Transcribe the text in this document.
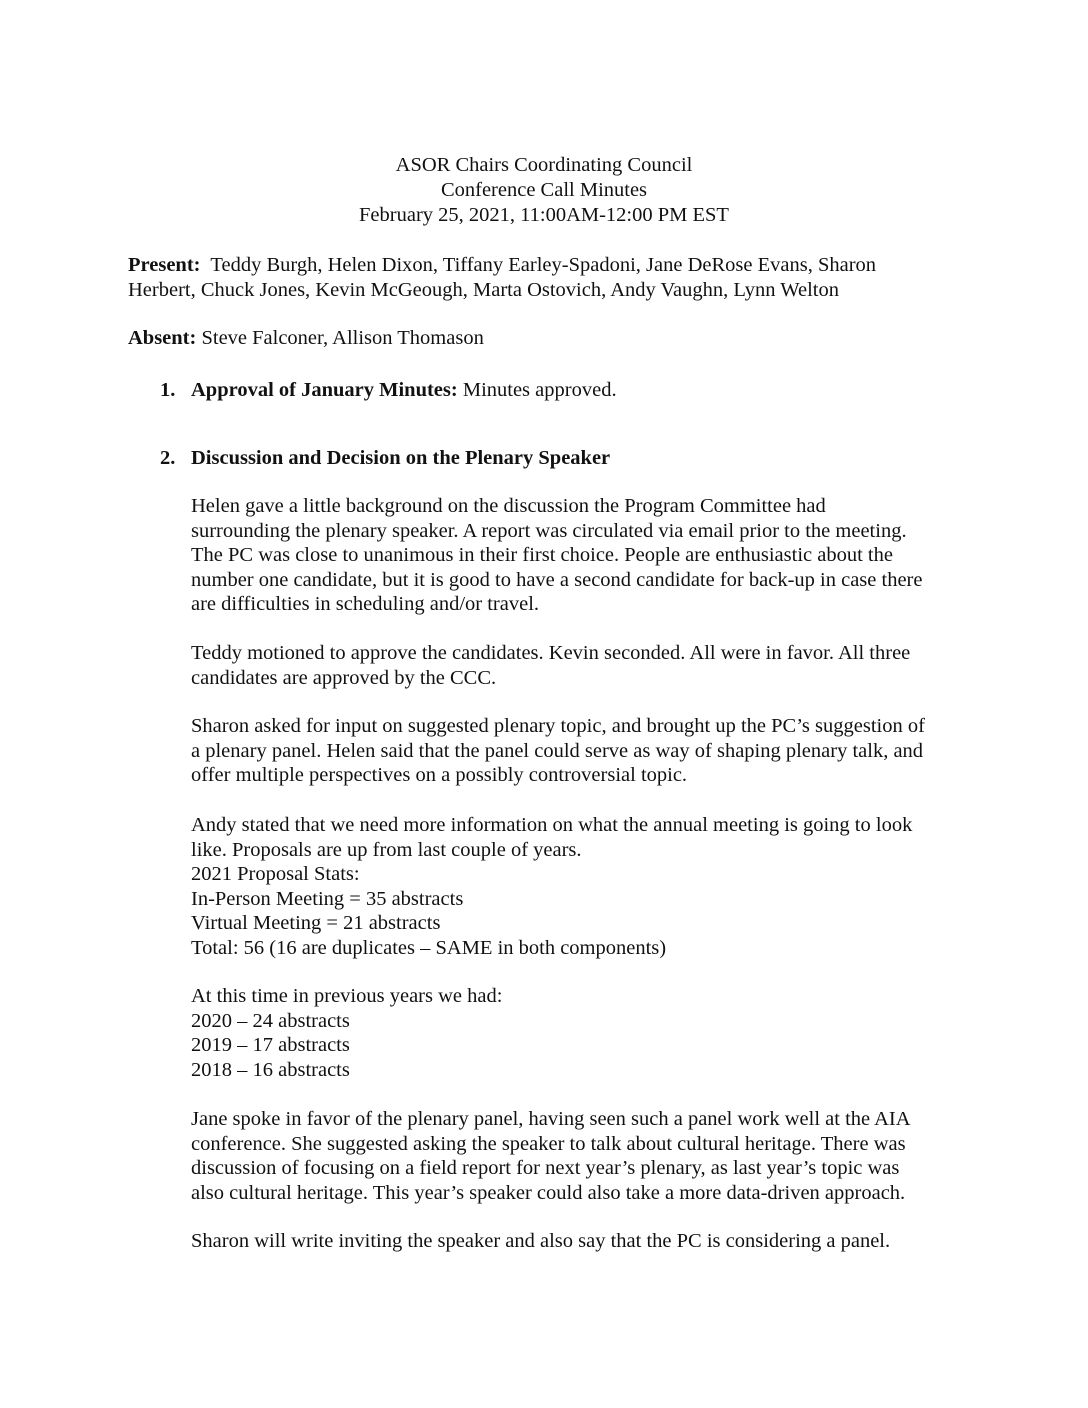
ASOR Chairs Coordinating Council
Conference Call Minutes
February 25, 2021, 11:00AM-12:00 PM EST
Present: Teddy Burgh, Helen Dixon, Tiffany Earley-Spadoni, Jane DeRose Evans, Sharon
Herbert, Chuck Jones, Kevin McGeough, Marta Ostovich, Andy Vaughn, Lynn Welton
Absent: Steve Falconer, Allison Thomason
1. Approval of January Minutes: Minutes approved.
2. Discussion and Decision on the Plenary Speaker
Helen gave a little background on the discussion the Program Committee had
surrounding the plenary speaker. A report was circulated via email prior to the meeting.
The PC was close to unanimous in their first choice. People are enthusiastic about the
number one candidate, but it is good to have a second candidate for back-up in case there
are difficulties in scheduling and/or travel.
Teddy motioned to approve the candidates. Kevin seconded. All were in favor. All three
candidates are approved by the CCC.
Sharon asked for input on suggested plenary topic, and brought up the PC’s suggestion of
a plenary panel. Helen said that the panel could serve as way of shaping plenary talk, and
offer multiple perspectives on a possibly controversial topic.
Andy stated that we need more information on what the annual meeting is going to look
like. Proposals are up from last couple of years.
2021 Proposal Stats:
In-Person Meeting = 35 abstracts
Virtual Meeting = 21 abstracts
Total: 56 (16 are duplicates – SAME in both components)
At this time in previous years we had:
2020 – 24 abstracts
2019 – 17 abstracts
2018 – 16 abstracts
Jane spoke in favor of the plenary panel, having seen such a panel work well at the AIA
conference. She suggested asking the speaker to talk about cultural heritage. There was
discussion of focusing on a field report for next year’s plenary, as last year’s topic was
also cultural heritage. This year’s speaker could also take a more data-driven approach.
Sharon will write inviting the speaker and also say that the PC is considering a panel.
